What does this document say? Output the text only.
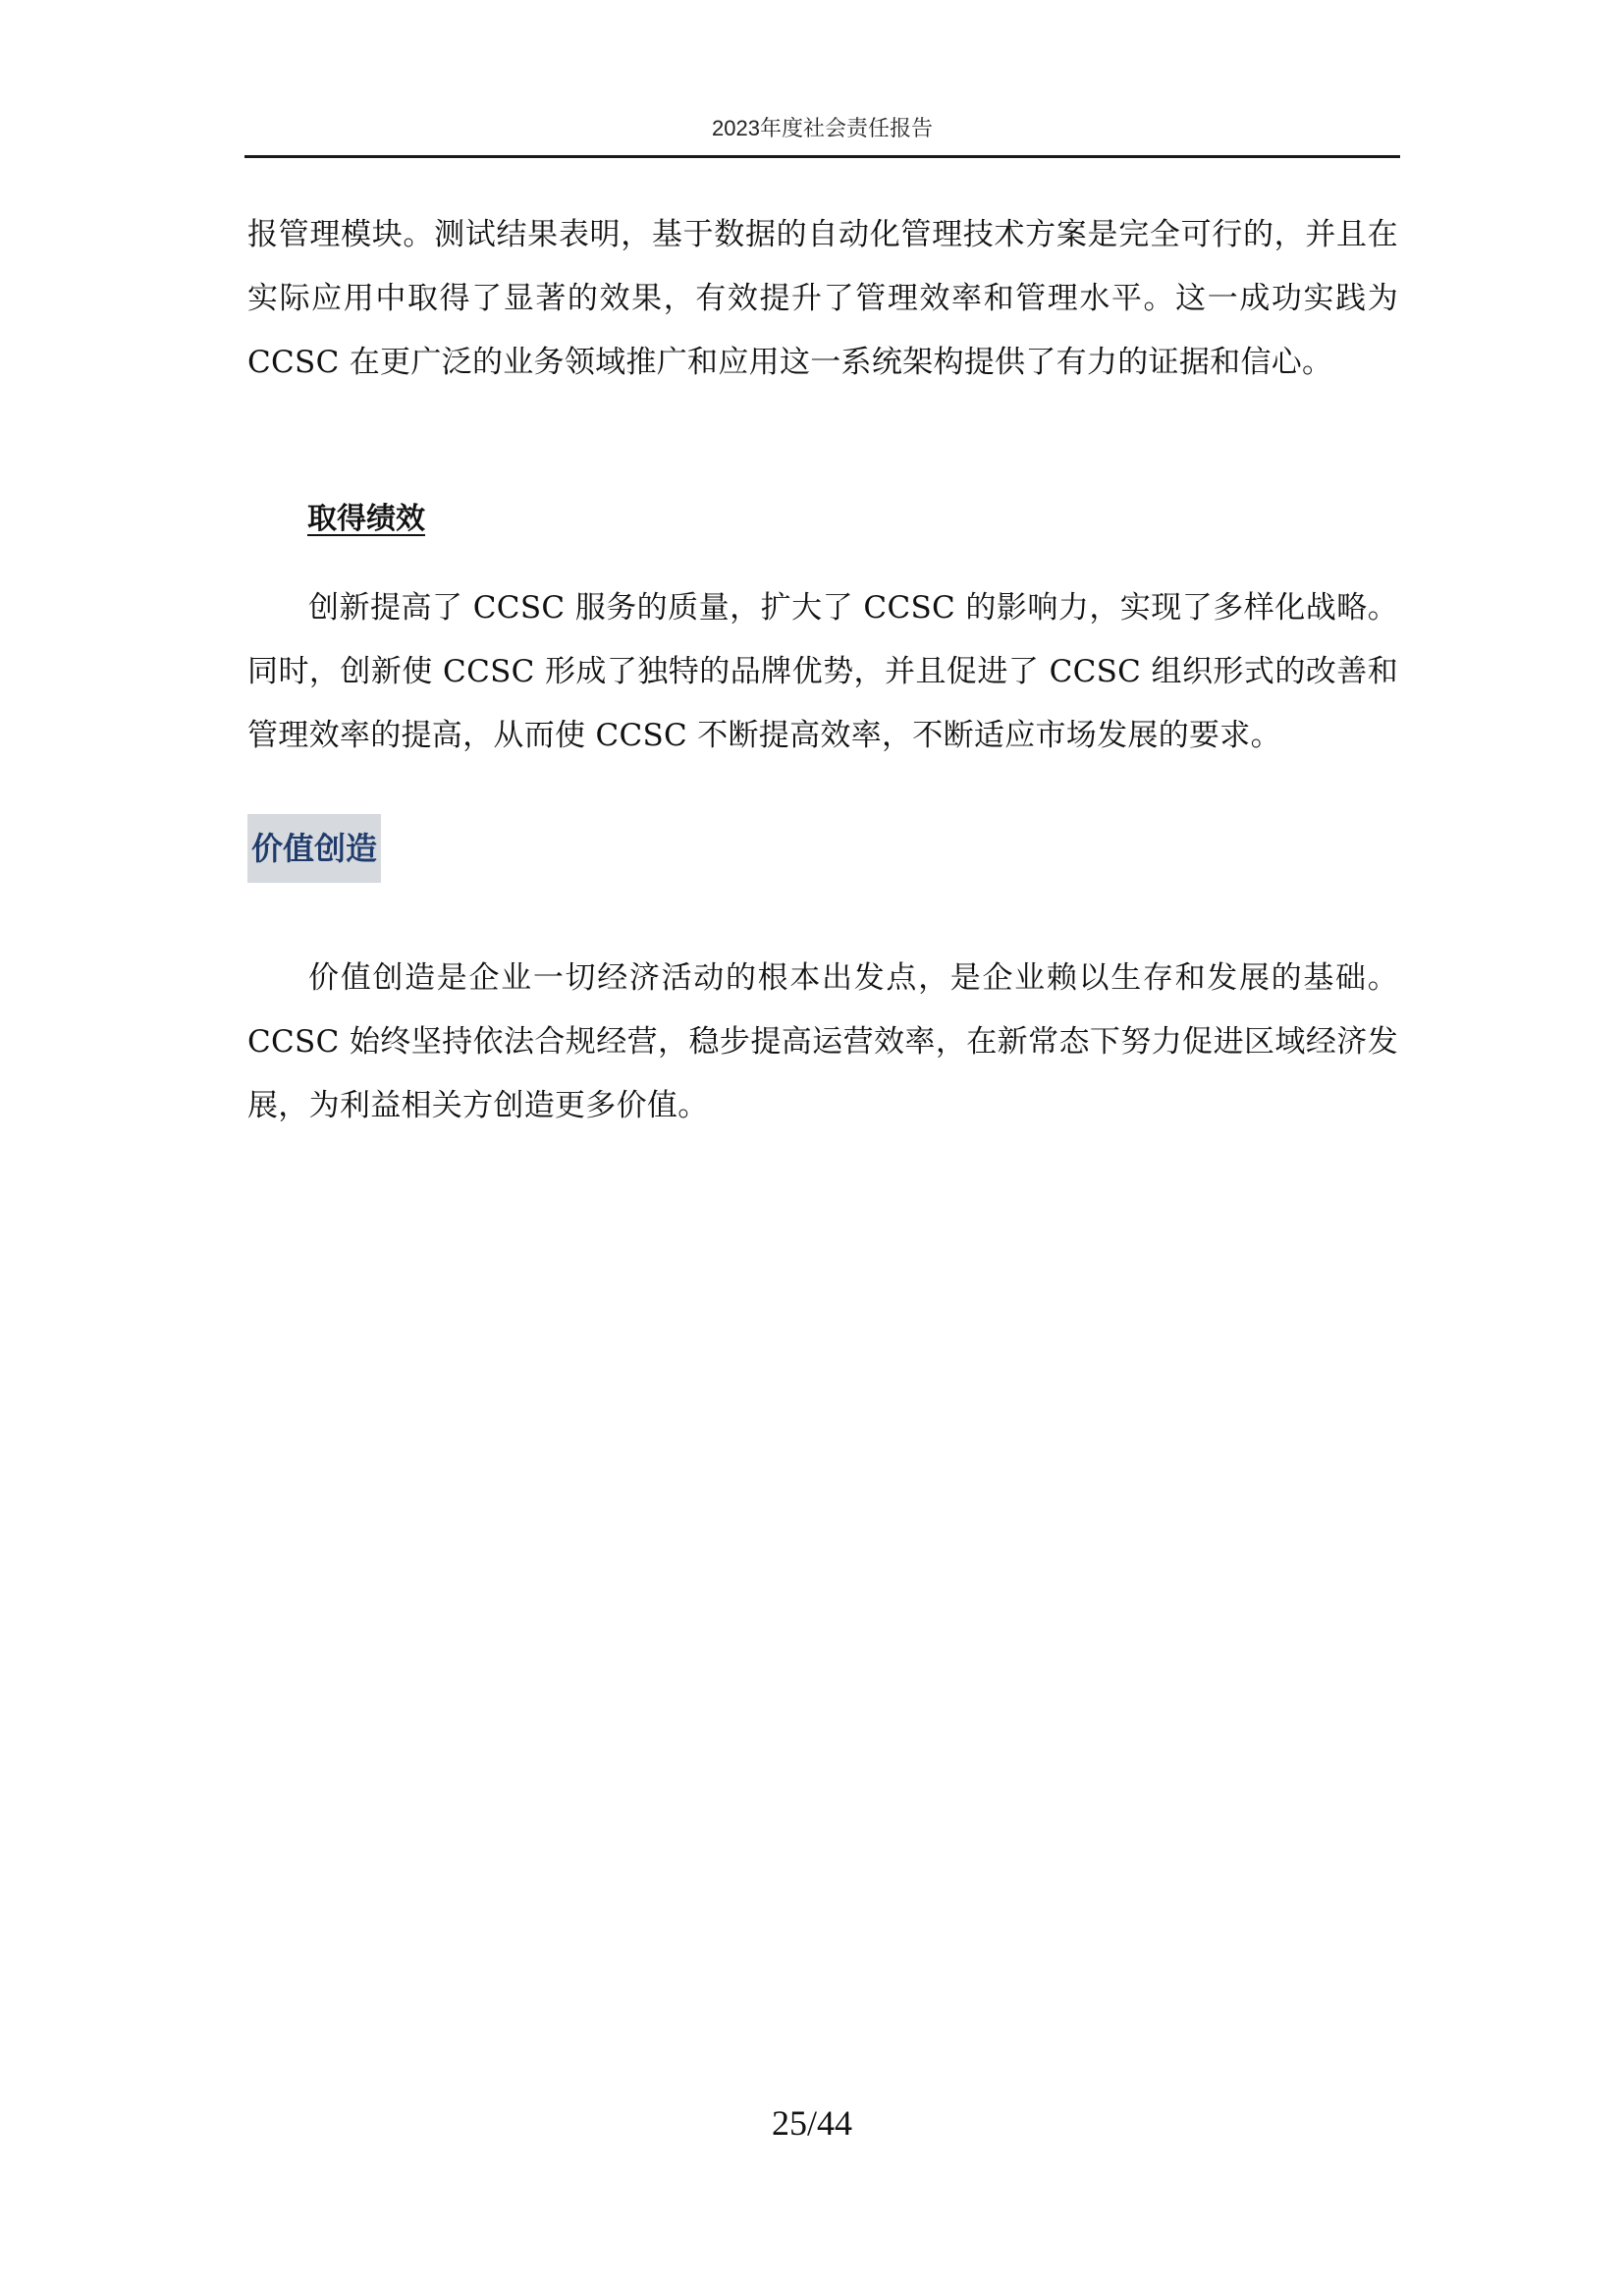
2023年度社会责任报告

报管理模块。测试结果表明，基于数据的自动化管理技术方案是完全可行的，并且在实际应用中取得了显著的效果，有效提升了管理效率和管理水平。这一成功实践为 CCSC 在更广泛的业务领域推广和应用这一系统架构提供了有力的证据和信心。

取得绩效

创新提高了 CCSC 服务的质量，扩大了 CCSC 的影响力，实现了多样化战略。同时，创新使 CCSC 形成了独特的品牌优势，并且促进了 CCSC 组织形式的改善和管理效率的提高，从而使 CCSC 不断提高效率，不断适应市场发展的要求。

价值创造

价值创造是企业一切经济活动的根本出发点，是企业赖以生存和发展的基础。CCSC 始终坚持依法合规经营，稳步提高运营效率，在新常态下努力促进区域经济发展，为利益相关方创造更多价值。

25/44
